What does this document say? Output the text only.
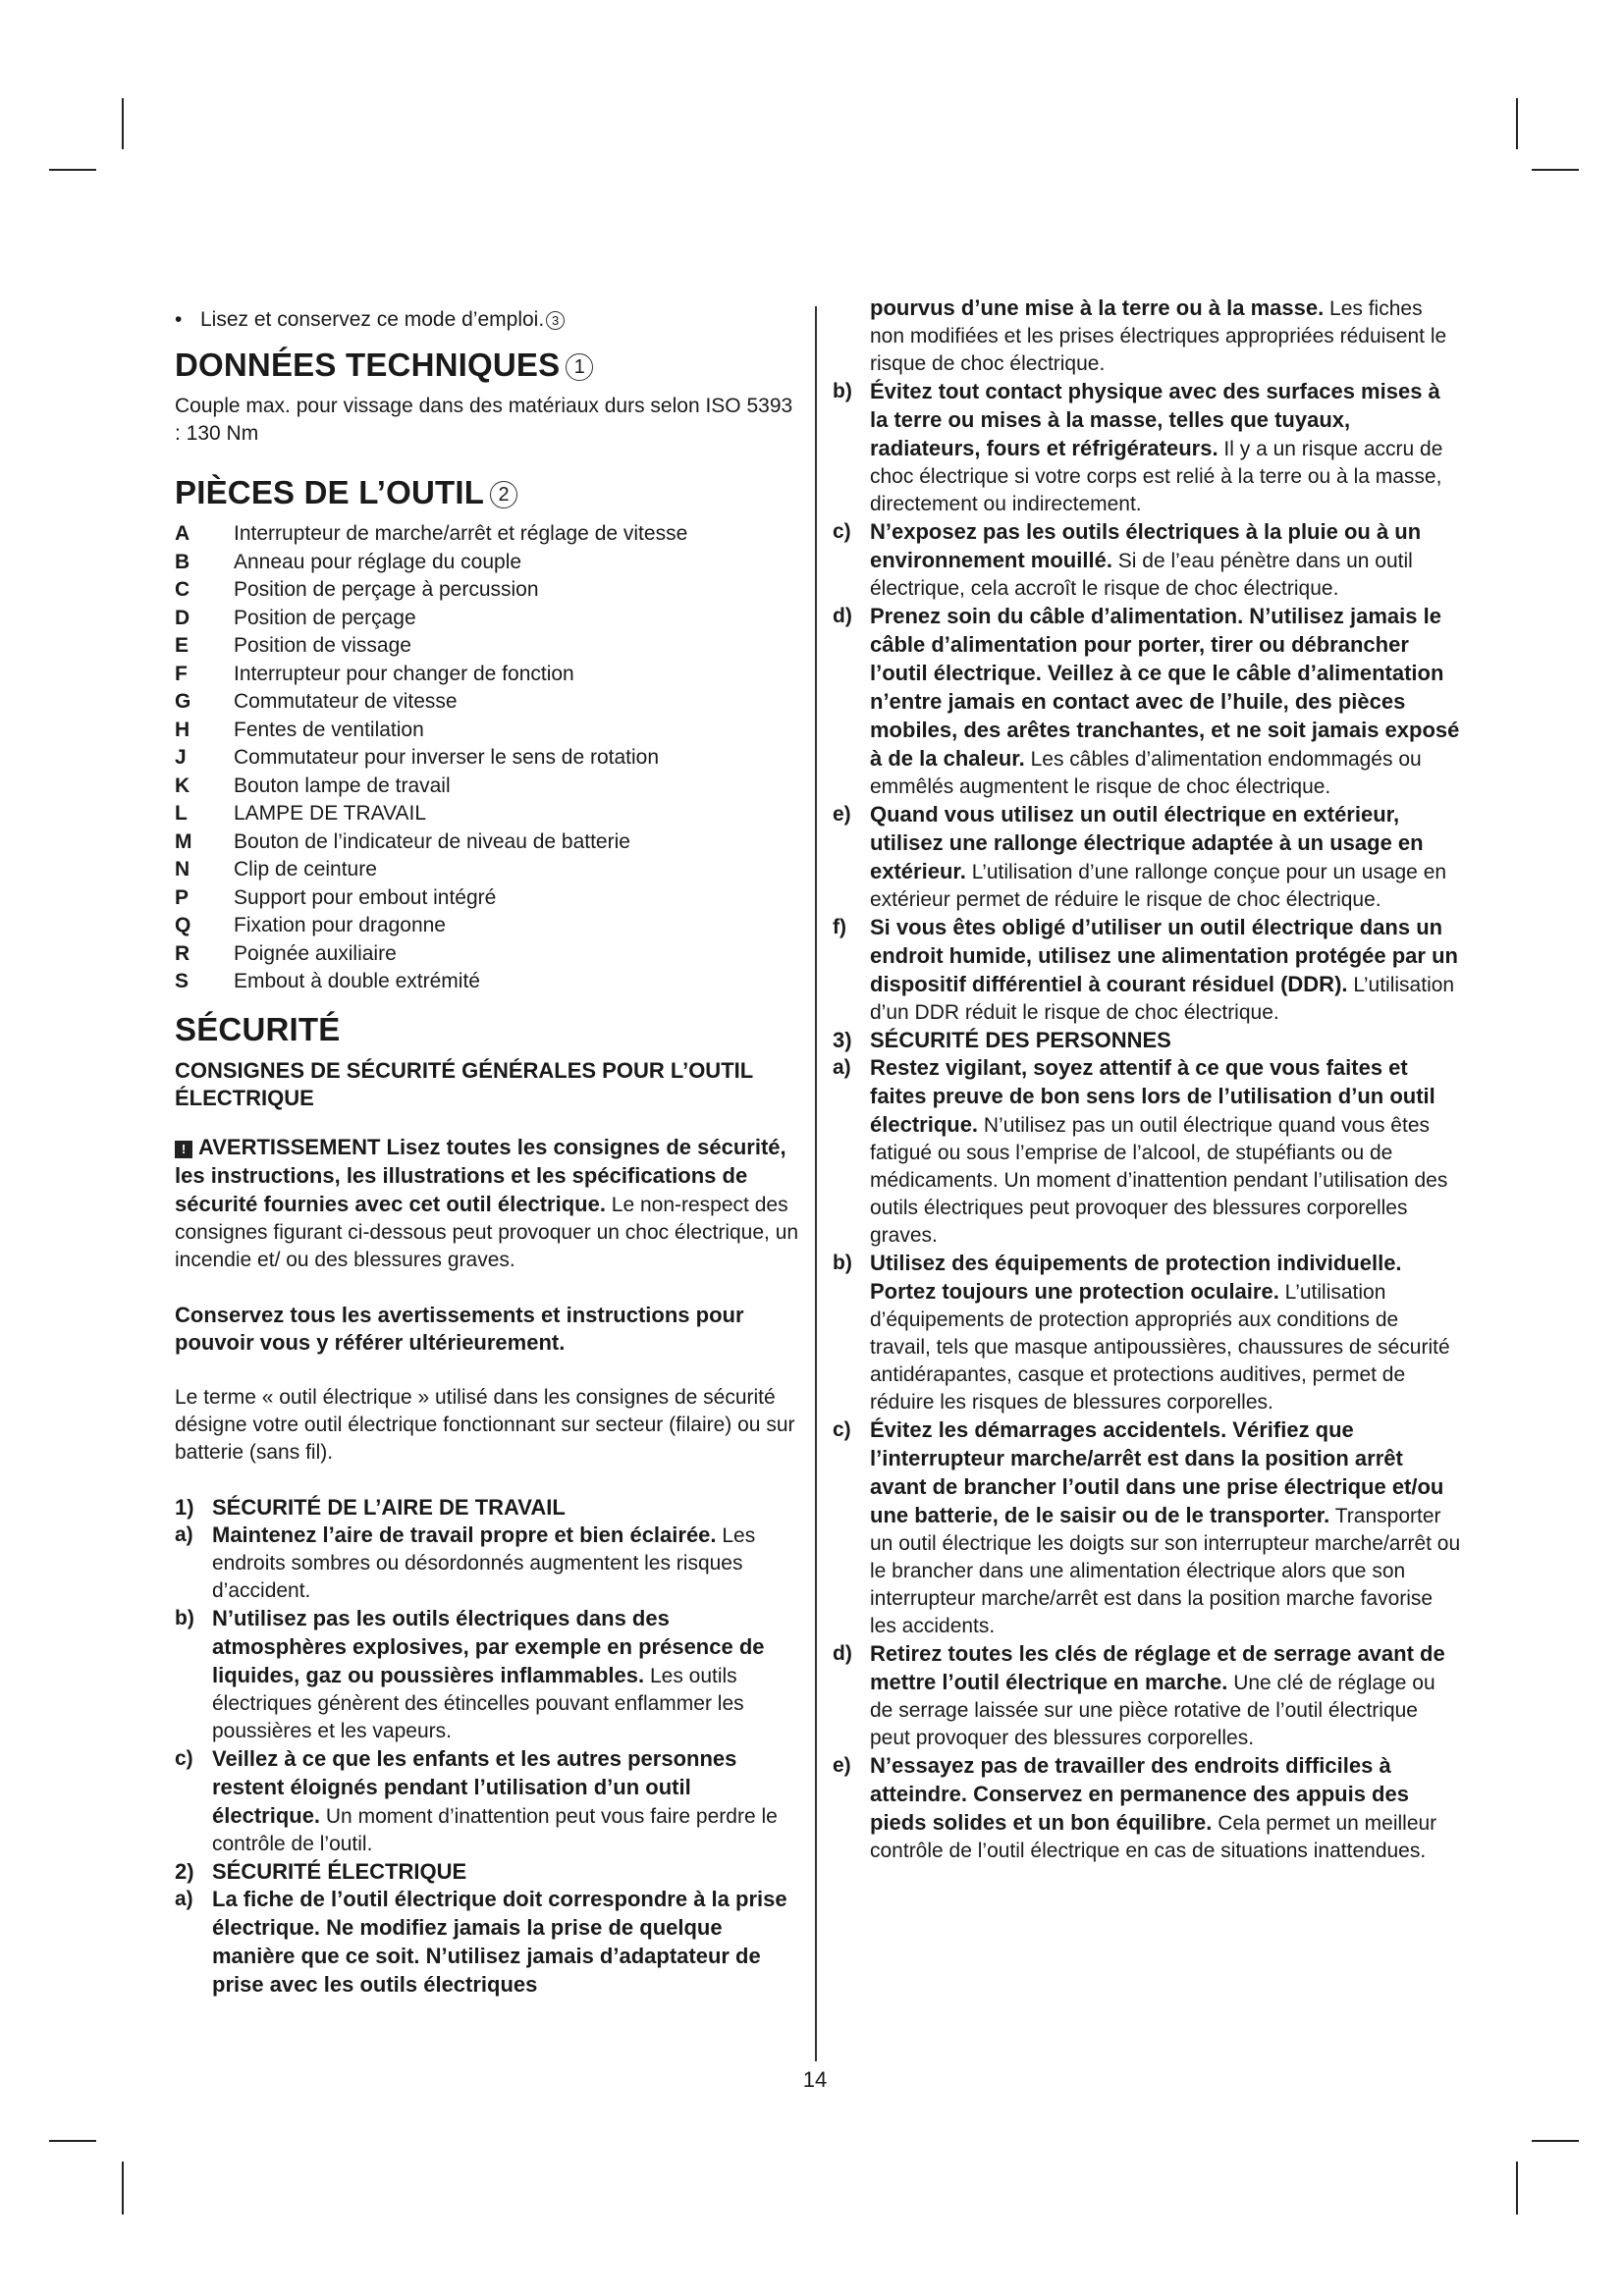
• Lisez et conservez ce mode d’emploi. 3
DONNÉES TECHNIQUES 1

Couple max. pour vissage dans des matériaux durs selon ISO 5393 : 130 Nm

PIÈCES DE L’OUTIL 2
A	Interrupteur de marche/arrêt et réglage de vitesse
B	Anneau pour réglage du couple
C	Position de perçage à percussion
D	Position de perçage
E	Position de vissage
F	Interrupteur pour changer de fonction
G	Commutateur de vitesse
H	Fentes de ventilation
J	Commutateur pour inverser le sens de rotation
K	Bouton lampe de travail
L	LAMPE DE TRAVAIL
M	Bouton de l’indicateur de niveau de batterie
N	Clip de ceinture
P	Support pour embout intégré
Q	Fixation pour dragonne
R	Poignée auxiliaire
S	Embout à double extrémité
SÉCURITÉ

CONSIGNES DE SÉCURITÉ GÉNÉRALES POUR L’OUTIL ÉLECTRIQUE

! AVERTISSEMENT Lisez toutes les consignes de sécurité, les instructions, les illustrations et les spécifications de sécurité fournies avec cet outil électrique. Le non-respect des consignes figurant ci-dessous peut provoquer un choc électrique, un incendie et/ ou des blessures graves.

Conservez tous les avertissements et instructions pour pouvoir vous y référer ultérieurement.

Le terme « outil électrique » utilisé dans les consignes de sécurité désigne votre outil électrique fonctionnant sur secteur (filaire) ou sur batterie (sans fil).

1) SÉCURITÉ DE L’AIRE DE TRAVAIL
a) Maintenez l’aire de travail propre et bien éclairée. Les endroits sombres ou désordonnés augmentent les risques d’accident.
b) N’utilisez pas les outils électriques dans des atmosphères explosives, par exemple en présence de liquides, gaz ou poussières inflammables. Les outils électriques génèrent des étincelles pouvant enflammer les poussières et les vapeurs.
c) Veillez à ce que les enfants et les autres personnes restent éloignés pendant l’utilisation d’un outil électrique. Un moment d’inattention peut vous faire perdre le contrôle de l’outil.
2) SÉCURITÉ ÉLECTRIQUE
a) La fiche de l’outil électrique doit correspondre à la prise électrique. Ne modifiez jamais la prise de quelque manière que ce soit. N’utilisez jamais d’adaptateur de prise avec les outils électriques

pourvus d’une mise à la terre ou à la masse. Les fiches non modifiées et les prises électriques appropriées réduisent le risque de choc électrique.

b) Évitez tout contact physique avec des surfaces mises à la terre ou mises à la masse, telles que tuyaux, radiateurs, fours et réfrigérateurs. Il y a un risque accru de choc électrique si votre corps est relié à la terre ou à la masse, directement ou indirectement.
c) N’exposez pas les outils électriques à la pluie ou à un environnement mouillé. Si de l’eau pénètre dans un outil électrique, cela accroît le risque de choc électrique.
d) Prenez soin du câble d’alimentation. N’utilisez jamais le câble d’alimentation pour porter, tirer ou débrancher l’outil électrique. Veillez à ce que le câble d’alimentation n’entre jamais en contact avec de l’huile, des pièces mobiles, des arêtes tranchantes, et ne soit jamais exposé à de la chaleur. Les câbles d’alimentation endommagés ou emmêlés augmentent le risque de choc électrique.
e) Quand vous utilisez un outil électrique en extérieur, utilisez une rallonge électrique adaptée à un usage en extérieur. L’utilisation d’une rallonge conçue pour un usage en extérieur permet de réduire le risque de choc électrique.
f)	Si vous êtes obligé d’utiliser un outil électrique dans un endroit humide, utilisez une alimentation protégée par un dispositif différentiel à courant résiduel (DDR). L’utilisation d’un DDR réduit le risque de choc électrique.
3) SÉCURITÉ DES PERSONNES
a) Restez vigilant, soyez attentif à ce que vous faites et faites preuve de bon sens lors de l’utilisation d’un outil électrique. N’utilisez pas un outil électrique quand vous êtes fatigué ou sous l’emprise de l’alcool, de stupéfiants ou de médicaments. Un moment d’inattention pendant l’utilisation des outils électriques peut provoquer des blessures corporelles graves.
b) Utilisez des équipements de protection individuelle. Portez toujours une protection oculaire. L’utilisation d’équipements de protection appropriés aux conditions de travail, tels que masque antipoussières, chaussures de sécurité antidérapantes, casque et protections auditives, permet de réduire les risques de blessures corporelles.
c) Évitez les démarrages accidentels. Vérifiez que l’interrupteur marche/arrêt est dans la position arrêt avant de brancher l’outil dans une prise électrique et/ou une batterie, de le saisir ou de le transporter. Transporter un outil électrique les doigts sur son interrupteur marche/arrêt ou le brancher dans une alimentation électrique alors que son interrupteur marche/arrêt est dans la position marche favorise les accidents.
d) Retirez toutes les clés de réglage et de serrage avant de mettre l’outil électrique en marche. Une clé de réglage ou de serrage laissée sur une pièce rotative de l’outil électrique peut provoquer des blessures corporelles.
e) N’essayez pas de travailler des endroits difficiles à atteindre. Conservez en permanence des appuis des pieds solides et un bon équilibre. Cela permet un meilleur contrôle de l’outil électrique en cas de situations inattendues.
14
